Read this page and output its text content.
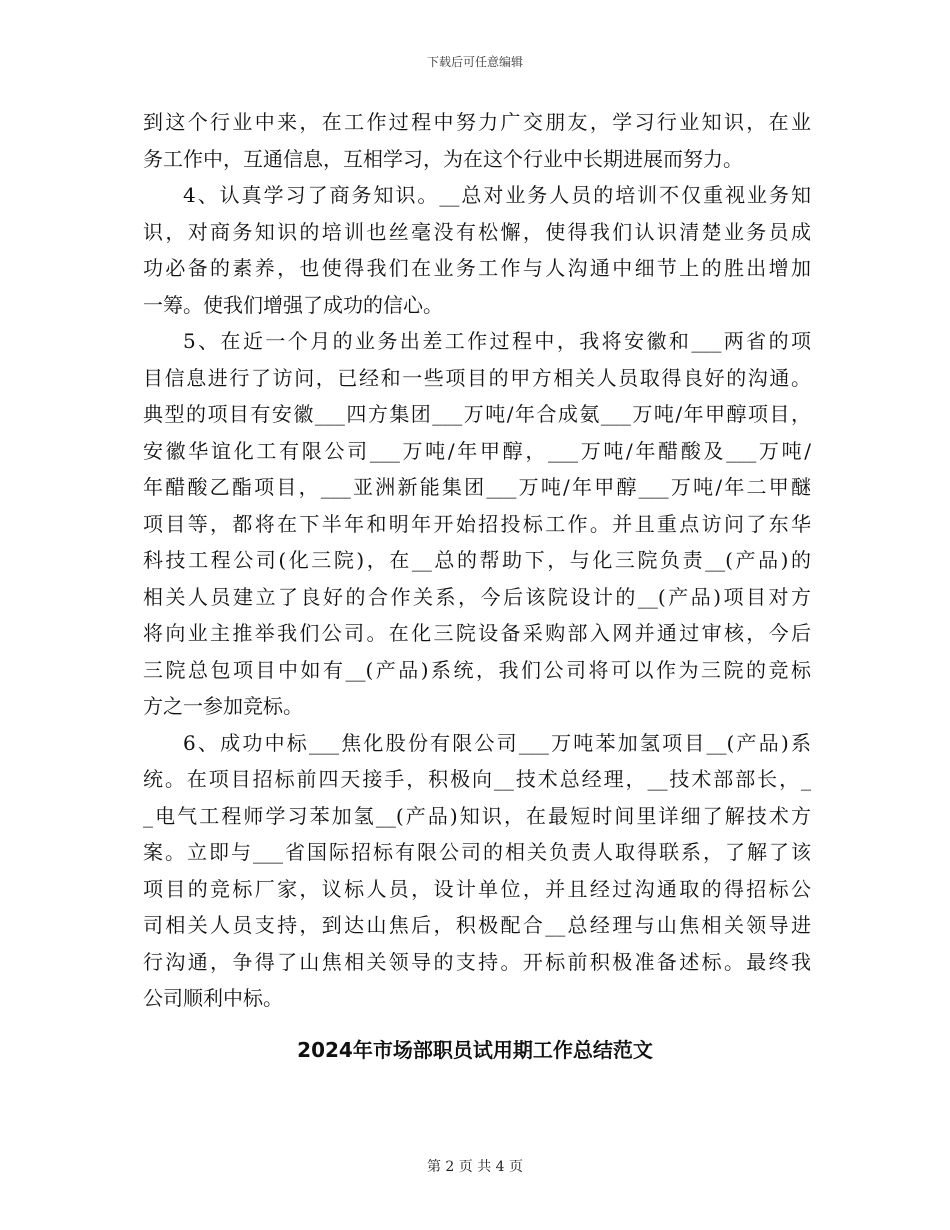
下载后可任意编辑
到这个行业中来，在工作过程中努力广交朋友，学习行业知识，在业
务工作中，互通信息，互相学习，为在这个行业中长期进展而努力。
4、认真学习了商务知识。__总对业务人员的培训不仅重视业务知
识，对商务知识的培训也丝毫没有松懈，使得我们认识清楚业务员成
功必备的素养，也使得我们在业务工作与人沟通中细节上的胜出增加
一筹。使我们增强了成功的信心。
5、在近一个月的业务出差工作过程中，我将安徽和___两省的项
目信息进行了访问，已经和一些项目的甲方相关人员取得良好的沟通。
典型的项目有安徽___四方集团___万吨/年合成氨___万吨/年甲醇项目，
安徽华谊化工有限公司___万吨/年甲醇，___万吨/年醋酸及___万吨/
年醋酸乙酯项目，___亚洲新能集团___万吨/年甲醇___万吨/年二甲醚
项目等，都将在下半年和明年开始招投标工作。并且重点访问了东华
科技工程公司(化三院)，在__总的帮助下，与化三院负责__(产品)的
相关人员建立了良好的合作关系，今后该院设计的__(产品)项目对方
将向业主推举我们公司。在化三院设备采购部入网并通过审核，今后
三院总包项目中如有__(产品)系统，我们公司将可以作为三院的竞标
方之一参加竞标。
6、成功中标___焦化股份有限公司___万吨苯加氢项目__(产品)系
统。在项目招标前四天接手，积极向__技术总经理，__技术部部长，_
_电气工程师学习苯加氢__(产品)知识，在最短时间里详细了解技术方
案。立即与___省国际招标有限公司的相关负责人取得联系，了解了该
项目的竞标厂家，议标人员，设计单位，并且经过沟通取的得招标公
司相关人员支持，到达山焦后，积极配合__总经理与山焦相关领导进
行沟通，争得了山焦相关领导的支持。开标前积极准备述标。最终我
公司顺利中标。
2024年市场部职员试用期工作总结范文
第 2 页 共 4 页
